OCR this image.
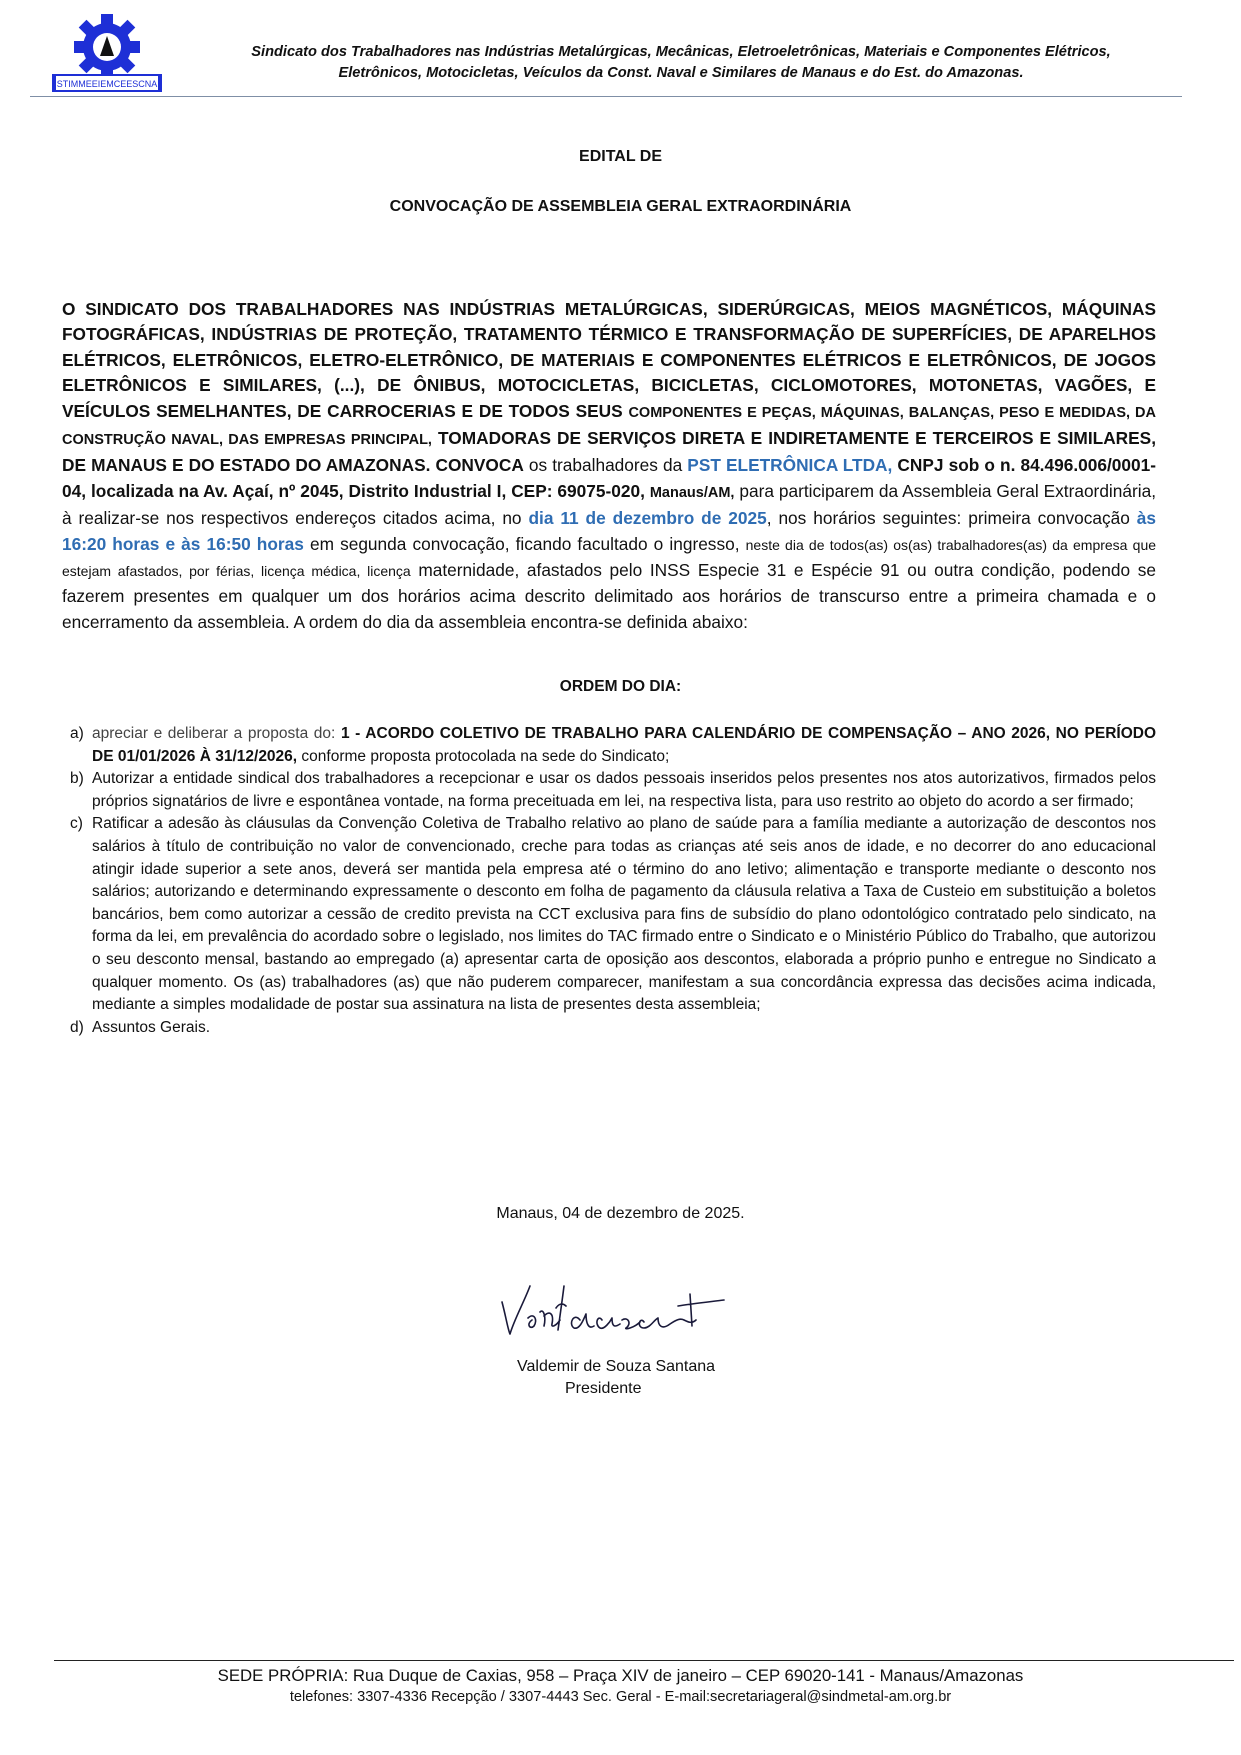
STIMMEEIEMCEESCNA
Sindicato dos Trabalhadores nas Indústrias Metalúrgicas, Mecânicas, Eletroeletrônicas, Materiais e Componentes Elétricos,
Eletrônicos, Motocicletas, Veículos da Const. Naval e Similares de Manaus e do Est. do Amazonas.
EDITAL DE
CONVOCAÇÃO DE ASSEMBLEIA GERAL EXTRAORDINÁRIA
O SINDICATO DOS TRABALHADORES NAS INDÚSTRIAS METALÚRGICAS, SIDERÚRGICAS, MEIOS MAGNÉTICOS, MÁQUINAS FOTOGRÁFICAS, INDÚSTRIAS DE PROTEÇÃO, TRATAMENTO TÉRMICO E TRANSFORMAÇÃO DE SUPERFÍCIES, DE APARELHOS ELÉTRICOS, ELETRÔNICOS, ELETRO-ELETRÔNICO, DE MATERIAIS E COMPONENTES ELÉTRICOS E ELETRÔNICOS, DE JOGOS ELETRÔNICOS E SIMILARES, (...), DE ÔNIBUS, MOTOCICLETAS, BICICLETAS, CICLOMOTORES, MOTONETAS, VAGÕES, E VEÍCULOS SEMELHANTES, DE CARROCERIAS E DE TODOS SEUS COMPONENTES E PEÇAS, MÁQUINAS, BALANÇAS, PESO E MEDIDAS, DA CONSTRUÇÃO NAVAL, DAS EMPRESAS PRINCIPAL, TOMADORAS DE SERVIÇOS DIRETA E INDIRETAMENTE E TERCEIROS E SIMILARES, DE MANAUS E DO ESTADO DO AMAZONAS. CONVOCA os trabalhadores da PST ELETRÔNICA LTDA, CNPJ sob o n. 84.496.006/0001-04, localizada na Av. Açaí, nº 2045, Distrito Industrial I, CEP: 69075-020, Manaus/AM, para participarem da Assembleia Geral Extraordinária, à realizar-se nos respectivos endereços citados acima, no dia 11 de dezembro de 2025, nos horários seguintes: primeira convocação às 16:20 horas e às 16:50 horas em segunda convocação, ficando facultado o ingresso, neste dia de todos(as) os(as) trabalhadores(as) da empresa que estejam afastados, por férias, licença médica, licença maternidade, afastados pelo INSS Especie 31 e Espécie 91 ou outra condição, podendo se fazerem presentes em qualquer um dos horários acima descrito delimitado aos horários de transcurso entre a primeira chamada e o encerramento da assembleia. A ordem do dia da assembleia encontra-se definida abaixo:
ORDEM DO DIA:
a) apreciar e deliberar a proposta do: 1 - ACORDO COLETIVO DE TRABALHO PARA CALENDÁRIO DE COMPENSAÇÃO – ANO 2026, NO PERÍODO DE 01/01/2026 À 31/12/2026, conforme proposta protocolada na sede do Sindicato;
b) Autorizar a entidade sindical dos trabalhadores a recepcionar e usar os dados pessoais inseridos pelos presentes nos atos autorizativos, firmados pelos próprios signatários de livre e espontânea vontade, na forma preceituada em lei, na respectiva lista, para uso restrito ao objeto do acordo a ser firmado;
c) Ratificar a adesão às cláusulas da Convenção Coletiva de Trabalho relativo ao plano de saúde para a família mediante a autorização de descontos nos salários à título de contribuição no valor de convencionado, creche para todas as crianças até seis anos de idade, e no decorrer do ano educacional atingir idade superior a sete anos, deverá ser mantida pela empresa até o término do ano letivo; alimentação e transporte mediante o desconto nos salários; autorizando e determinando expressamente o desconto em folha de pagamento da cláusula relativa a Taxa de Custeio em substituição a boletos bancários, bem como autorizar a cessão de credito prevista na CCT exclusiva para fins de subsídio do plano odontológico contratado pelo sindicato, na forma da lei, em prevalência do acordado sobre o legislado, nos limites do TAC firmado entre o Sindicato e o Ministério Público do Trabalho, que autorizou o seu desconto mensal, bastando ao empregado (a) apresentar carta de oposição aos descontos, elaborada a próprio punho e entregue no Sindicato a qualquer momento. Os (as) trabalhadores (as) que não puderem comparecer, manifestam a sua concordância expressa das decisões acima indicada, mediante a simples modalidade de postar sua assinatura na lista de presentes desta assembleia;
d) Assuntos Gerais.
Manaus, 04 de dezembro de 2025.
Valdemir de Souza Santana
Presidente
SEDE PRÓPRIA: Rua Duque de Caxias, 958 – Praça XIV de janeiro – CEP 69020-141 - Manaus/Amazonas
telefones: 3307-4336 Recepção / 3307-4443 Sec. Geral - E-mail:secretariageral@sindmetal-am.org.br
